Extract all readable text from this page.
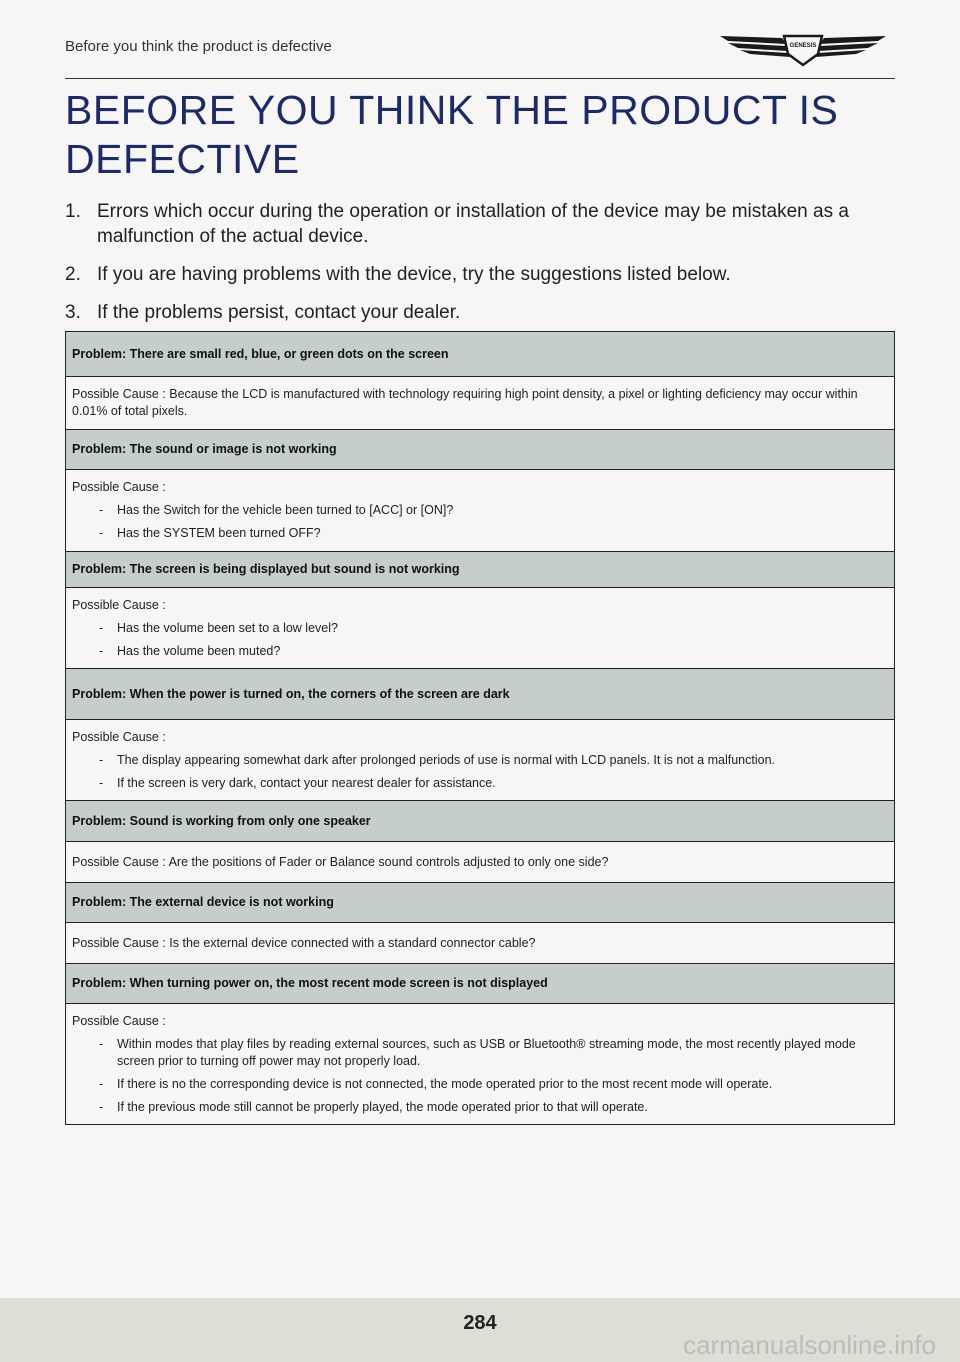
Before you think the product is defective	GENESIS
BEFORE YOU THINK THE PRODUCT IS DEFECTIVE
1. Errors which occur during the operation or installation of the device may be mistaken as a malfunction of the actual device.
2. If you are having problems with the device, try the suggestions listed below.
3. If the problems persist, contact your dealer.
Problem: There are small red, blue, or green dots on the screen
Possible Cause : Because the LCD is manufactured with technology requiring high point density, a pixel or lighting deficiency may occur within 0.01% of total pixels.
Problem: The sound or image is not working

Possible Cause :
- Has the Switch for the vehicle been turned to [ACC] or [ON]?
- Has the SYSTEM been turned OFF?

Problem: The screen is being displayed but sound is not working

Possible Cause :
- Has the volume been set to a low level?
- Has the volume been muted?

Problem: When the power is turned on, the corners of the screen are dark

Possible Cause :
- The display appearing somewhat dark after prolonged periods of use is normal with LCD panels. It is not a malfunction.
- If the screen is very dark, contact your nearest dealer for assistance.

Problem: Sound is working from only one speaker
Possible Cause : Are the positions of Fader or Balance sound controls adjusted to only one side?
Problem: The external device is not working
Possible Cause : Is the external device connected with a standard connector cable?
Problem: When turning power on, the most recent mode screen is not displayed

Possible Cause :
- Within modes that play files by reading external sources, such as USB or Bluetooth® streaming mode, the most recently played mode screen prior to turning off power may not properly load.
- If there is no the corresponding device is not connected, the mode operated prior to the most recent mode will operate.
- If the previous mode still cannot be properly played, the mode operated prior to that will operate.
284
carmanualsonline.info
